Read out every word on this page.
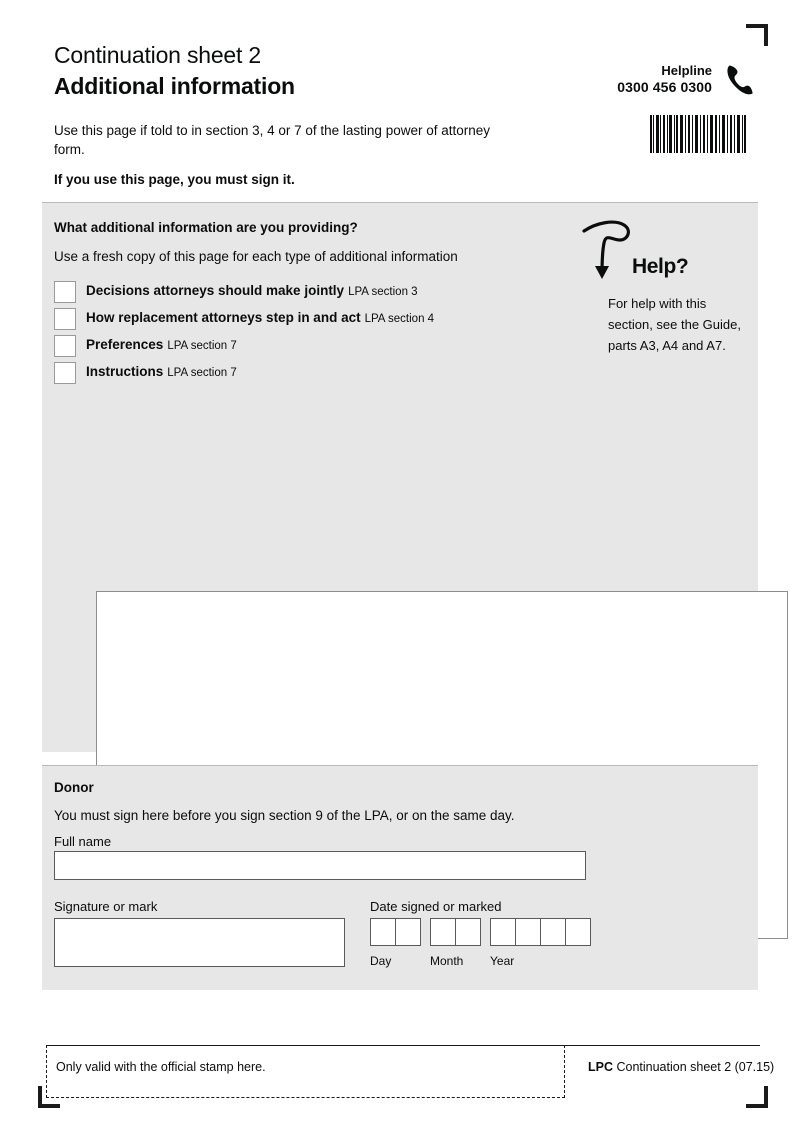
Continuation sheet 2
Additional information
Use this page if told to in section 3, 4 or 7 of the lasting power of attorney form.
If you use this page, you must sign it.
Helpline
0300 456 0300
What additional information are you providing?
Use a fresh copy of this page for each type of additional information
Decisions attorneys should make jointly LPA section 3
How replacement attorneys step in and act LPA section 4
Preferences LPA section 7
Instructions LPA section 7
Help?
For help with this section, see the Guide, parts A3, A4 and A7.
Donor
You must sign here before you sign section 9 of the LPA, or on the same day.
Full name
Signature or mark	Date signed or marked
Day	Month Year
Only valid with the official stamp here.	LPC Continuation sheet 2 (07.15)
